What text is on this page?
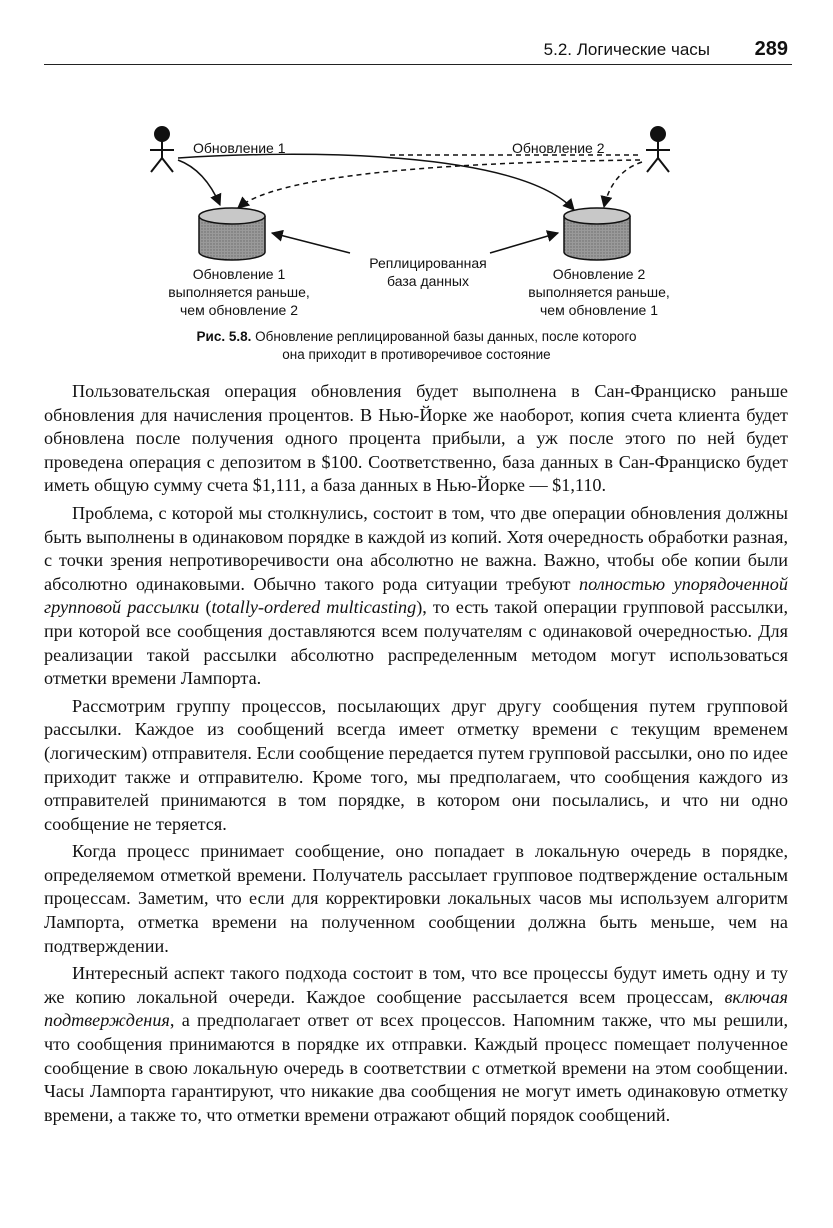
5.2. Логические часы 289
Обновление 1	Обновление 2
Реплицированная
база данных
Обновление 1
выполняется раньше,
чем обновление 2
Обновление 2
выполняется раньше,
чем обновление 1
Рис. 5.8. Обновление реплицированной базы данных, после которого
она приходит в противоречивое состояние

Пользовательская операция обновления будет выполнена в Сан-Франциско раньше обновления для начисления процентов. В Нью-Йорке же наоборот, копия счета клиента будет обновлена после получения одного процента прибыли, а уж после этого по ней будет проведена операция с депозитом в $100. Соответственно, база данных в Сан-Франциско будет иметь общую сумму счета $1,111, а база данных в Нью-Йорке — $1,110.

Проблема, с которой мы столкнулись, состоит в том, что две операции обновления должны быть выполнены в одинаковом порядке в каждой из копий. Хотя очередность обработки разная, с точки зрения непротиворечивости она абсолютно не важна. Важно, чтобы обе копии были абсолютно одинаковыми. Обычно такого рода ситуации требуют полностью упорядоченной групповой рассылки (totally-ordered multicasting), то есть такой операции групповой рассылки, при которой все сообщения доставляются всем получателям с одинаковой очередностью. Для реализации такой рассылки абсолютно распределенным методом могут использоваться отметки времени Лампорта.

Рассмотрим группу процессов, посылающих друг другу сообщения путем групповой рассылки. Каждое из сообщений всегда имеет отметку времени с текущим временем (логическим) отправителя. Если сообщение передается путем групповой рассылки, оно по идее приходит также и отправителю. Кроме того, мы предполагаем, что сообщения каждого из отправителей принимаются в том порядке, в котором они посылались, и что ни одно сообщение не теряется.

Когда процесс принимает сообщение, оно попадает в локальную очередь в порядке, определяемом отметкой времени. Получатель рассылает групповое подтверждение остальным процессам. Заметим, что если для корректировки локальных часов мы используем алгоритм Лампорта, отметка времени на полученном сообщении должна быть меньше, чем на подтверждении.

Интересный аспект такого подхода состоит в том, что все процессы будут иметь одну и ту же копию локальной очереди. Каждое сообщение рассылается всем процессам, включая подтверждения, а предполагает ответ от всех процессов. Напомним также, что мы решили, что сообщения принимаются в порядке их отправки. Каждый процесс помещает полученное сообщение в свою локальную очередь в соответствии с отметкой времени на этом сообщении. Часы Лампорта гарантируют, что никакие два сообщения не могут иметь одинаковую отметку времени, а также то, что отметки времени отражают общий порядок сообщений.
